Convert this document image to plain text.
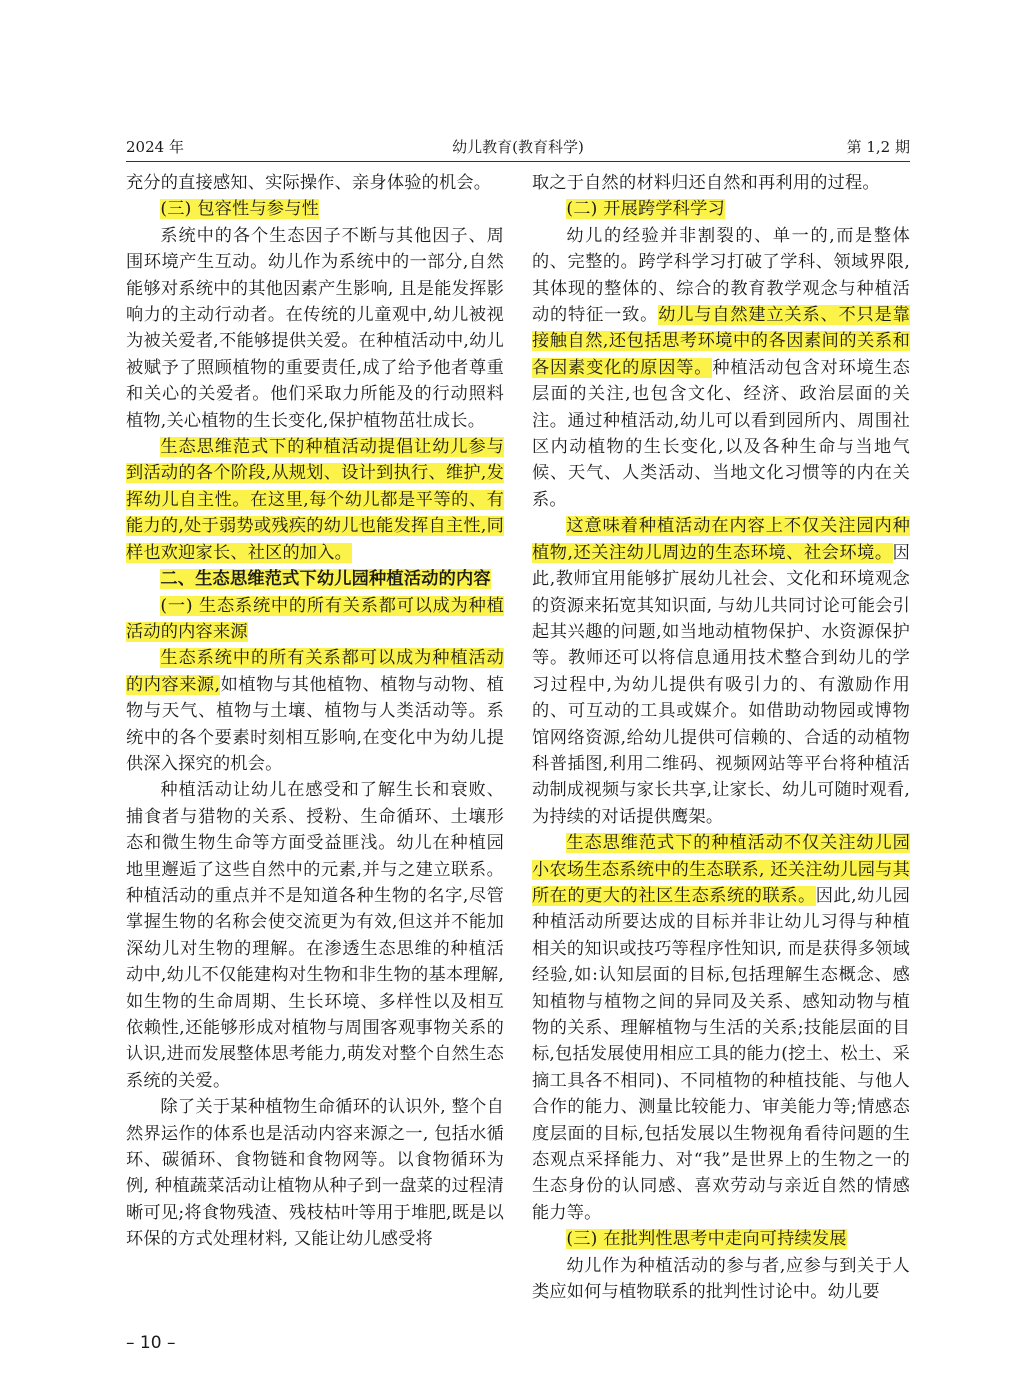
2024 年	幼儿教育(教育科学)	第 1,2 期

充分的直接感知、实际操作、亲身体验的机会。

(三) 包容性与参与性

系统中的各个生态因子不断与其他因子、周围环境产生互动。幼儿作为系统中的一部分,自然能够对系统中的其他因素产生影响, 且是能发挥影响力的主动行动者。在传统的儿童观中,幼儿被视为被关爱者,不能够提供关爱。在种植活动中,幼儿被赋予了照顾植物的重要责任,成了给予他者尊重和关心的关爱者。他们采取力所能及的行动照料植物,关心植物的生长变化,保护植物茁壮成长。

生态思维范式下的种植活动提倡让幼儿参与到活动的各个阶段,从规划、设计到执行、维护,发挥幼儿自主性。在这里,每个幼儿都是平等的、有能力的,处于弱势或残疾的幼儿也能发挥自主性,同样也欢迎家长、社区的加入。

二、生态思维范式下幼儿园种植活动的内容

(一) 生态系统中的所有关系都可以成为种植活动的内容来源

生态系统中的所有关系都可以成为种植活动的内容来源,如植物与其他植物、植物与动物、植物与天气、植物与土壤、植物与人类活动等。系统中的各个要素时刻相互影响,在变化中为幼儿提供深入探究的机会。

种植活动让幼儿在感受和了解生长和衰败、捕食者与猎物的关系、授粉、生命循环、土壤形态和微生物生命等方面受益匪浅。幼儿在种植园地里邂逅了这些自然中的元素,并与之建立联系。种植活动的重点并不是知道各种生物的名字,尽管掌握生物的名称会使交流更为有效,但这并不能加深幼儿对生物的理解。在渗透生态思维的种植活动中,幼儿不仅能建构对生物和非生物的基本理解,如生物的生命周期、生长环境、多样性以及相互依赖性,还能够形成对植物与周围客观事物关系的认识,进而发展整体思考能力,萌发对整个自然生态系统的关爱。

除了关于某种植物生命循环的认识外, 整个自然界运作的体系也是活动内容来源之一, 包括水循环、碳循环、食物链和食物网等。以食物循环为例, 种植蔬菜活动让植物从种子到一盘菜的过程清晰可见;将食物残渣、残枝枯叶等用于堆肥,既是以环保的方式处理材料, 又能让幼儿感受将

取之于自然的材料归还自然和再利用的过程。

(二) 开展跨学科学习

幼儿的经验并非割裂的、单一的,而是整体的、完整的。跨学科学习打破了学科、领域界限,其体现的整体的、综合的教育教学观念与种植活动的特征一致。幼儿与自然建立关系、不只是靠接触自然,还包括思考环境中的各因素间的关系和各因素变化的原因等。种植活动包含对环境生态层面的关注,也包含文化、经济、政治层面的关注。通过种植活动,幼儿可以看到园所内、周围社区内动植物的生长变化,以及各种生命与当地气候、天气、人类活动、当地文化习惯等的内在关系。

这意味着种植活动在内容上不仅关注园内种植物,还关注幼儿周边的生态环境、社会环境。因此,教师宜用能够扩展幼儿社会、文化和环境观念的资源来拓宽其知识面, 与幼儿共同讨论可能会引起其兴趣的问题,如当地动植物保护、水资源保护等。教师还可以将信息通用技术整合到幼儿的学习过程中,为幼儿提供有吸引力的、有激励作用的、可互动的工具或媒介。如借助动物园或博物馆网络资源,给幼儿提供可信赖的、合适的动植物科普插图,利用二维码、视频网站等平台将种植活动制成视频与家长共享,让家长、幼儿可随时观看,为持续的对话提供鹰架。

生态思维范式下的种植活动不仅关注幼儿园小农场生态系统中的生态联系, 还关注幼儿园与其所在的更大的社区生态系统的联系。因此,幼儿园种植活动所要达成的目标并非让幼儿习得与种植相关的知识或技巧等程序性知识, 而是获得多领域经验,如:认知层面的目标,包括理解生态概念、感知植物与植物之间的异同及关系、感知动物与植物的关系、理解植物与生活的关系;技能层面的目标,包括发展使用相应工具的能力(挖土、松土、采摘工具各不相同)、不同植物的种植技能、与他人合作的能力、测量比较能力、审美能力等;情感态度层面的目标,包括发展以生物视角看待问题的生态观点采择能力、对“我”是世界上的生物之一的生态身份的认同感、喜欢劳动与亲近自然的情感能力等。

(三) 在批判性思考中走向可持续发展

幼儿作为种植活动的参与者,应参与到关于人类应如何与植物联系的批判性讨论中。幼儿要

– 10 –
